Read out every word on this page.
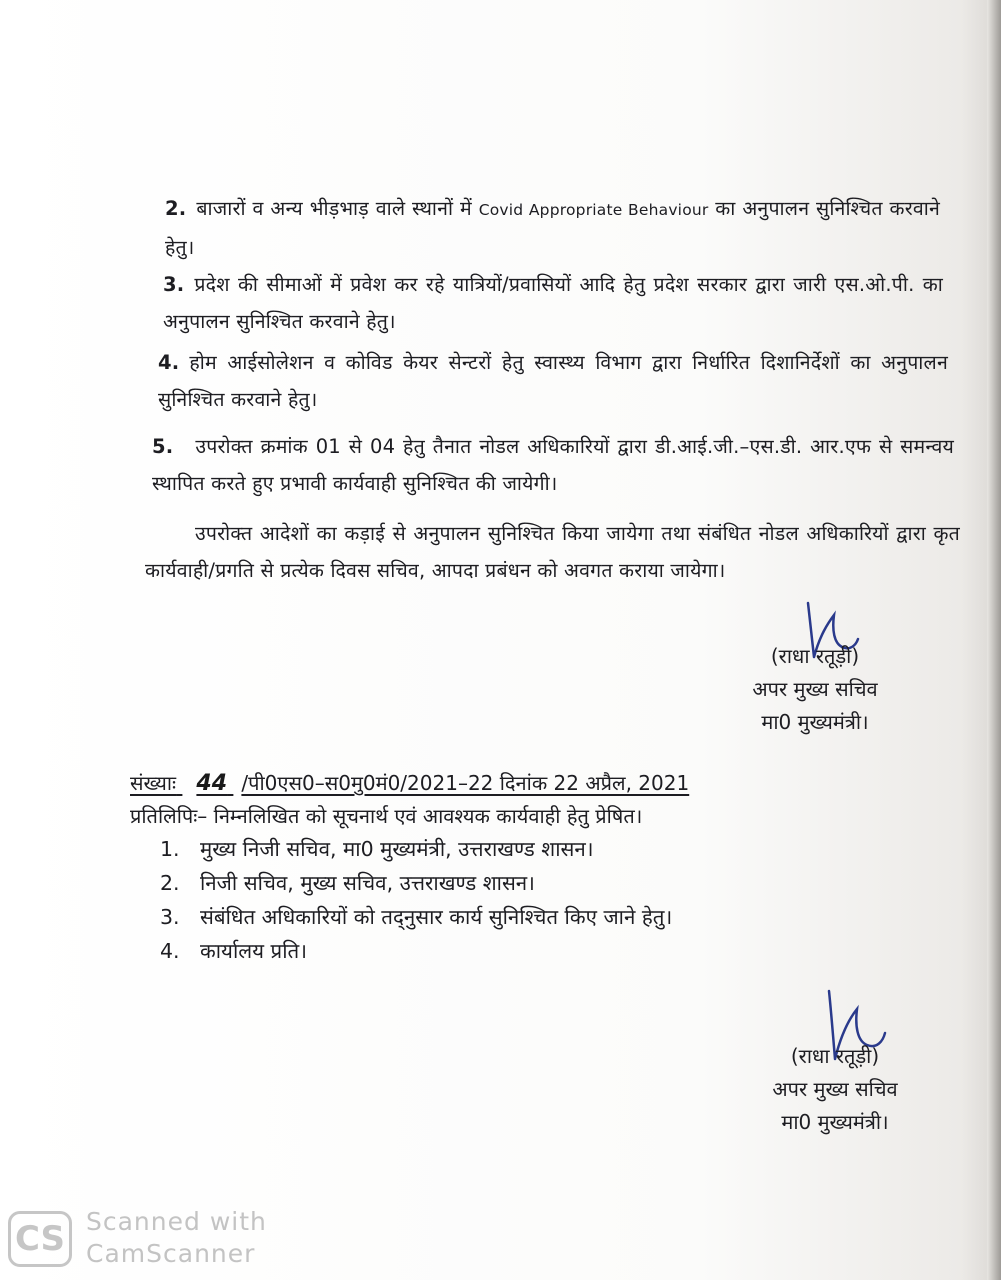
2. बाजारों व अन्य भीड़भाड़ वाले स्थानों में Covid Appropriate Behaviour का अनुपालन सुनिश्चित करवाने हेतु।
3. प्रदेश की सीमाओं में प्रवेश कर रहे यात्रियों/प्रवासियों आदि हेतु प्रदेश सरकार द्वारा जारी एस.ओ.पी. का अनुपालन सुनिश्चित करवाने हेतु।
4. होम आईसोलेशन व कोविड केयर सेन्टरों हेतु स्वास्थ्य विभाग द्वारा निर्धारित दिशानिर्देशों का अनुपालन सुनिश्चित करवाने हेतु।
5. उपरोक्त क्रमांक 01 से 04 हेतु तैनात नोडल अधिकारियों द्वारा डी.आई.जी.–एस.डी. आर.एफ से समन्वय स्थापित करते हुए प्रभावी कार्यवाही सुनिश्चित की जायेगी।
उपरोक्त आदेशों का कड़ाई से अनुपालन सुनिश्चित किया जायेगा तथा संबंधित नोडल अधिकारियों द्वारा कृत कार्यवाही/प्रगति से प्रत्येक दिवस सचिव, आपदा प्रबंधन को अवगत कराया जायेगा।
(राधा रतूड़ी)
अपर मुख्य सचिव
मा0 मुख्यमंत्री।
संख्याः 44 /पी0एस0–स0मु0मं0/2021–22 दिनांक 22 अप्रैल, 2021
प्रतिलिपिः– निम्नलिखित को सूचनार्थ एवं आवश्यक कार्यवाही हेतु प्रेषित।
1. मुख्य निजी सचिव, मा0 मुख्यमंत्री, उत्तराखण्ड शासन।
2. निजी सचिव, मुख्य सचिव, उत्तराखण्ड शासन।
3. संबंधित अधिकारियों को तद्नुसार कार्य सुनिश्चित किए जाने हेतु।
4. कार्यालय प्रति।
(राधा रतूड़ी)
अपर मुख्य सचिव
मा0 मुख्यमंत्री।
CS Scanned with
CamScanner
